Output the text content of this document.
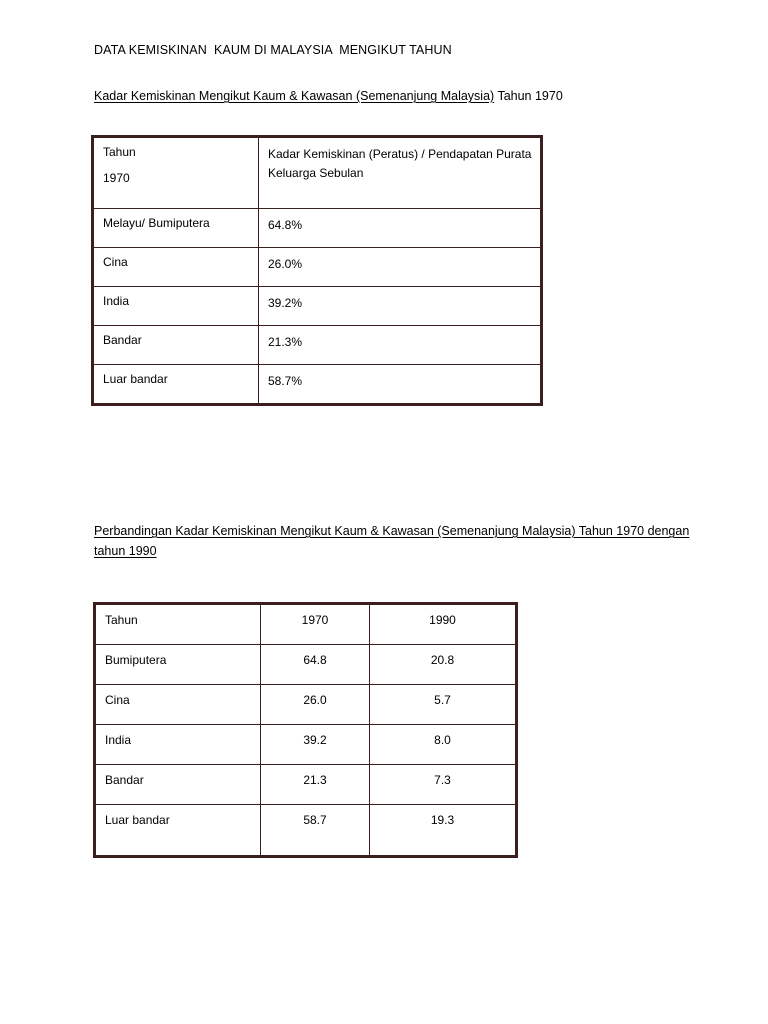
DATA KEMISKINAN  KAUM DI MALAYSIA  MENGIKUT TAHUN
Kadar Kemiskinan Mengikut Kaum & Kawasan (Semenanjung Malaysia) Tahun 1970
Tahun
1970	Kadar Kemiskinan (Peratus) / Pendapatan Purata Keluarga Sebulan
Melayu/ Bumiputera	64.8%
Cina	26.0%
India	39.2%
Bandar	21.3%
Luar bandar	58.7%
Perbandingan Kadar Kemiskinan Mengikut Kaum & Kawasan (Semenanjung Malaysia) Tahun 1970 dengan tahun 1990
Tahun	1970	1990
Bumiputera	64.8	20.8
Cina	26.0	5.7
India	39.2	8.0
Bandar	21.3	7.3
Luar bandar	58.7	19.3
